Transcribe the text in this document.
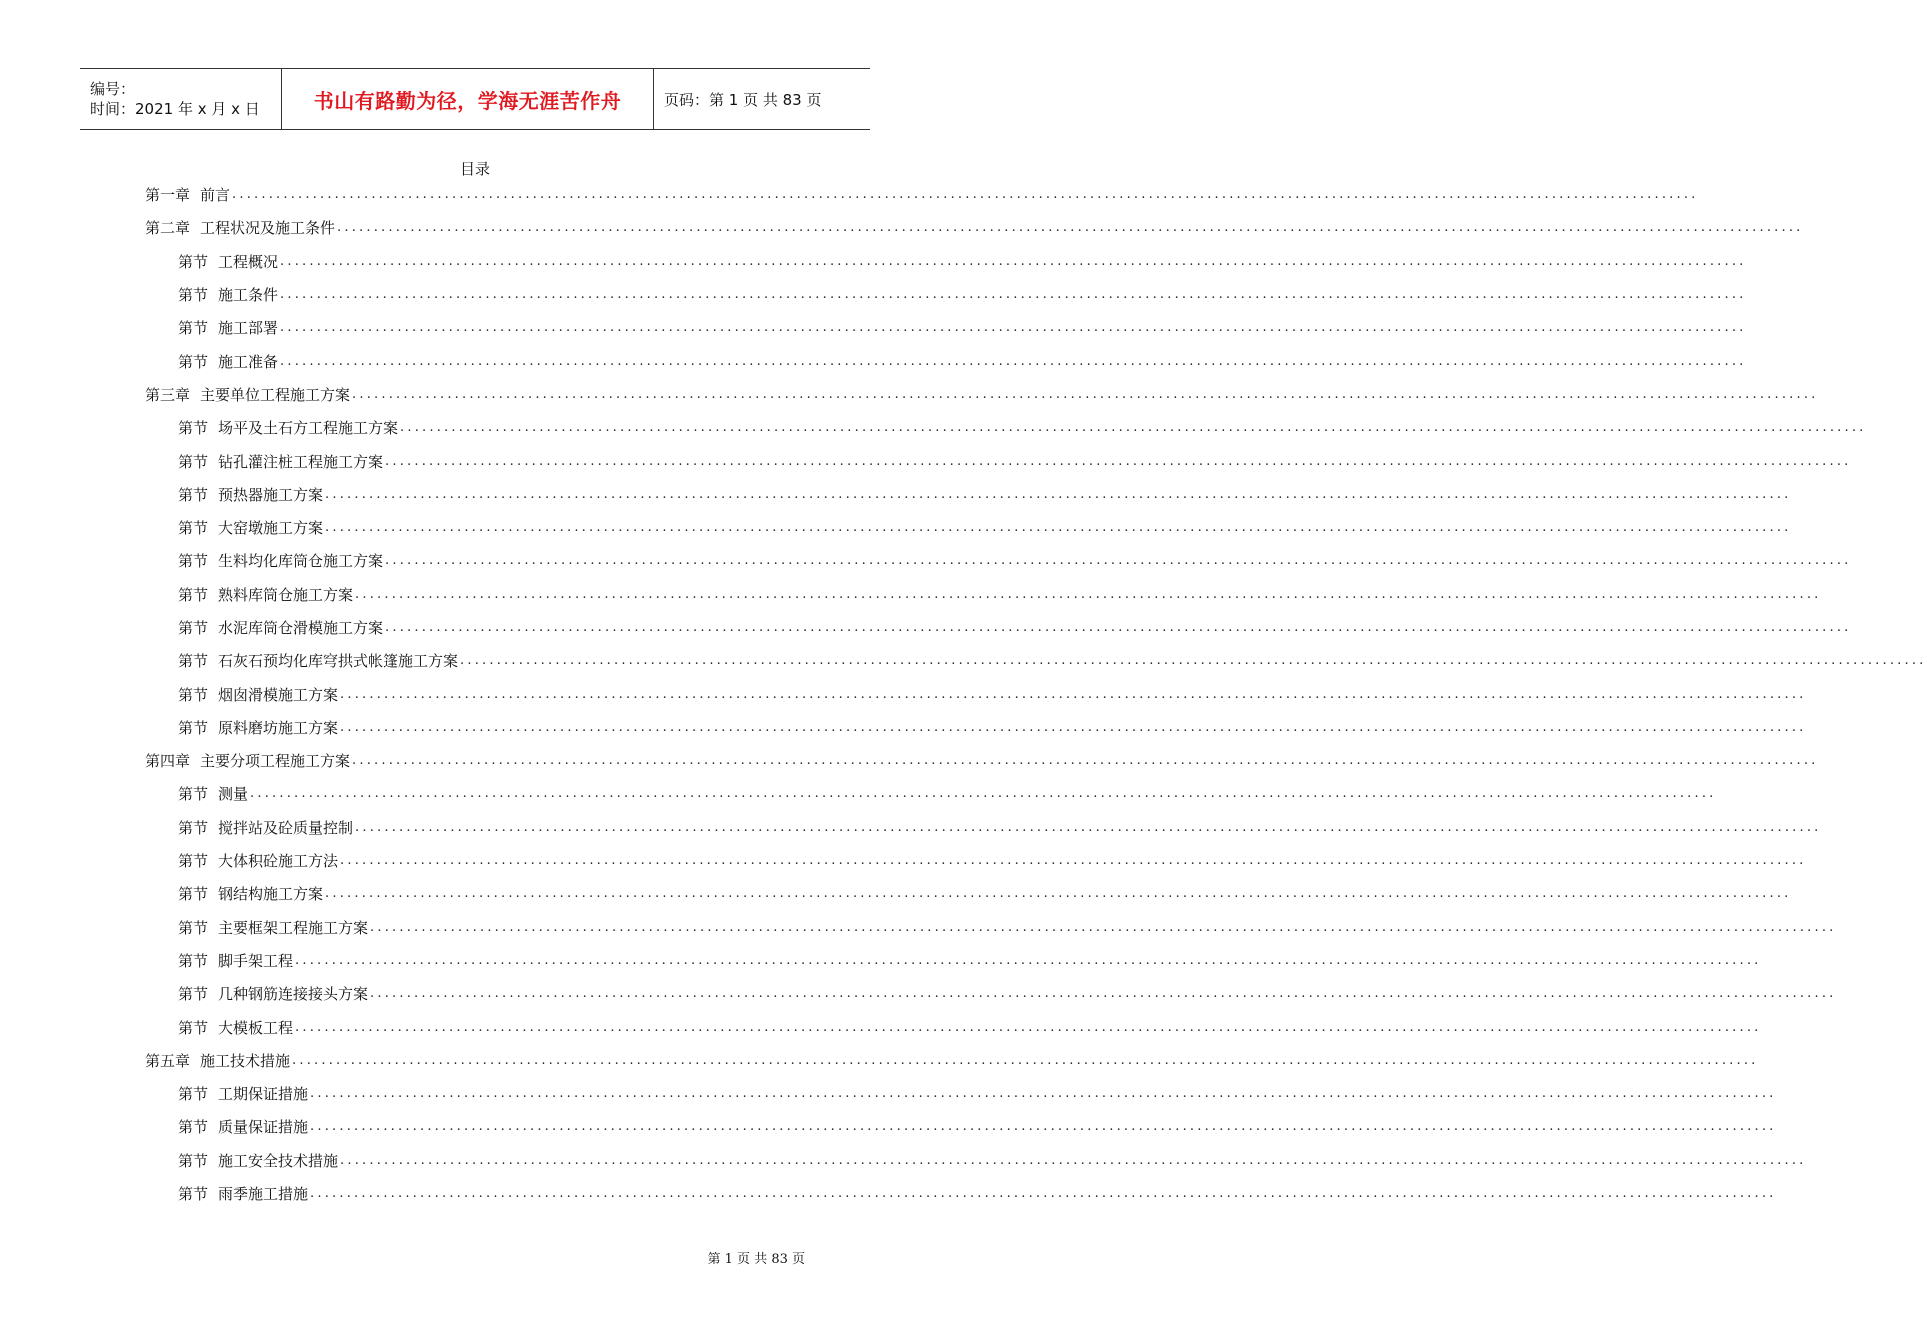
编号：
时间：2021 年 x 月 x 日	书山有路勤为径，学海无涯苦作舟	页码：第 1 页 共 83 页
目录
第一章 前言 ........................................................................................................................................................................................................
第二章 工程状况及施工条件 ........................................................................................................................................................................................................
第节 工程概况 ........................................................................................................................................................................................................
第节 施工条件 ........................................................................................................................................................................................................
第节 施工部署 ........................................................................................................................................................................................................
第节 施工准备 ........................................................................................................................................................................................................
第三章 主要单位工程施工方案 ........................................................................................................................................................................................................
第节 场平及土石方工程施工方案 ........................................................................................................................................................................................................
第节 钻孔灌注桩工程施工方案 ........................................................................................................................................................................................................
第节 预热器施工方案 ........................................................................................................................................................................................................
第节 大窑墩施工方案 ........................................................................................................................................................................................................
第节 生料均化库筒仓施工方案 ........................................................................................................................................................................................................
第节 熟料库筒仓施工方案 ........................................................................................................................................................................................................
第节 水泥库筒仓滑模施工方案 ........................................................................................................................................................................................................
第节 石灰石预均化库穹拱式帐篷施工方案 ........................................................................................................................................................................................................
第节 烟囱滑模施工方案 ........................................................................................................................................................................................................
第节 原料磨坊施工方案 ........................................................................................................................................................................................................
第四章 主要分项工程施工方案 ........................................................................................................................................................................................................
第节 测量 ........................................................................................................................................................................................................
第节 搅拌站及砼质量控制 ........................................................................................................................................................................................................
第节 大体积砼施工方法 ........................................................................................................................................................................................................
第节 钢结构施工方案 ........................................................................................................................................................................................................
第节 主要框架工程施工方案 ........................................................................................................................................................................................................
第节 脚手架工程 ........................................................................................................................................................................................................
第节 几种钢筋连接接头方案 ........................................................................................................................................................................................................
第节 大模板工程 ........................................................................................................................................................................................................
第五章 施工技术措施 ........................................................................................................................................................................................................
第节 工期保证措施 ........................................................................................................................................................................................................
第节 质量保证措施 ........................................................................................................................................................................................................
第节 施工安全技术措施 ........................................................................................................................................................................................................
第节 雨季施工措施 ........................................................................................................................................................................................................
第 1 页 共 83 页
